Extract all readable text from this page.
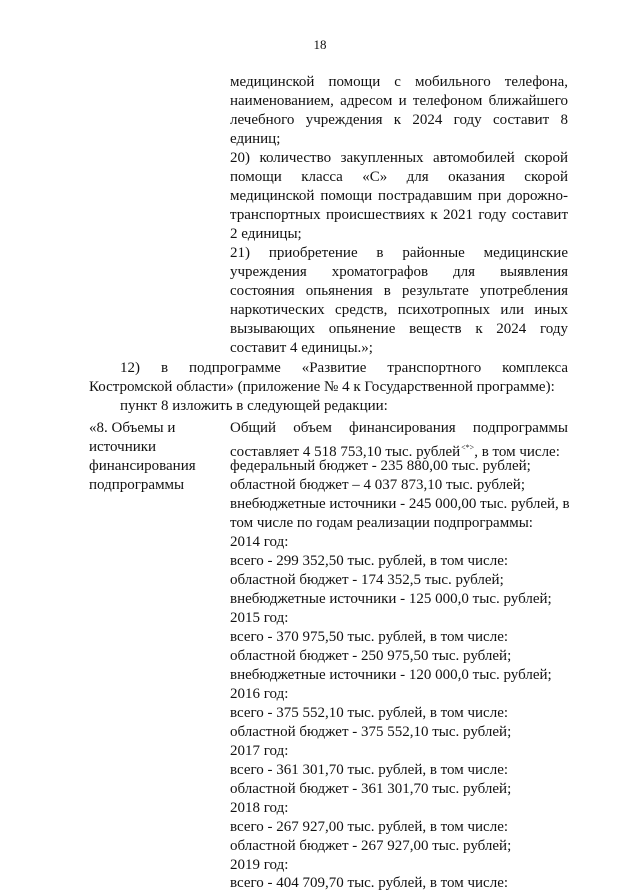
18
медицинской помощи с мобильного телефона,
наименованием, адресом и телефоном ближайшего
лечебного учреждения к 2024 году составит 8
единиц;
20) количество закупленных автомобилей скорой
помощи класса «С» для оказания скорой
медицинской помощи пострадавшим при дорожно-
транспортных происшествиях к 2021 году составит
2 единицы;
21) приобретение в районные медицинские
учреждения хроматографов для выявления
состояния опьянения в результате употребления
наркотических средств, психотропных или иных
вызывающих опьянение веществ к 2024 году
составит 4 единицы.»;
12) в подпрограмме «Развитие транспортного комплекса
Костромской области» (приложение № 4 к Государственной программе):
пункт 8 изложить в следующей редакции:
«8. Объемы и
источники
финансирования
подпрограммы
Общий объем финансирования подпрограммы
составляет 4 518 753,10 тыс. рублей<*>, в том числе:
федеральный бюджет - 235 880,00 тыс. рублей;
областной бюджет – 4 037 873,10 тыс. рублей;
внебюджетные источники - 245 000,00 тыс. рублей, в
том числе по годам реализации подпрограммы:
2014 год:
всего - 299 352,50 тыс. рублей, в том числе:
областной бюджет - 174 352,5 тыс. рублей;
внебюджетные источники - 125 000,0 тыс. рублей;
2015 год:
всего - 370 975,50 тыс. рублей, в том числе:
областной бюджет - 250 975,50 тыс. рублей;
внебюджетные источники - 120 000,0 тыс. рублей;
2016 год:
всего - 375 552,10 тыс. рублей, в том числе:
областной бюджет - 375 552,10 тыс. рублей;
2017 год:
всего - 361 301,70 тыс. рублей, в том числе:
областной бюджет - 361 301,70 тыс. рублей;
2018 год:
всего - 267 927,00 тыс. рублей, в том числе:
областной бюджет - 267 927,00 тыс. рублей;
2019 год:
всего - 404 709,70 тыс. рублей, в том числе:
